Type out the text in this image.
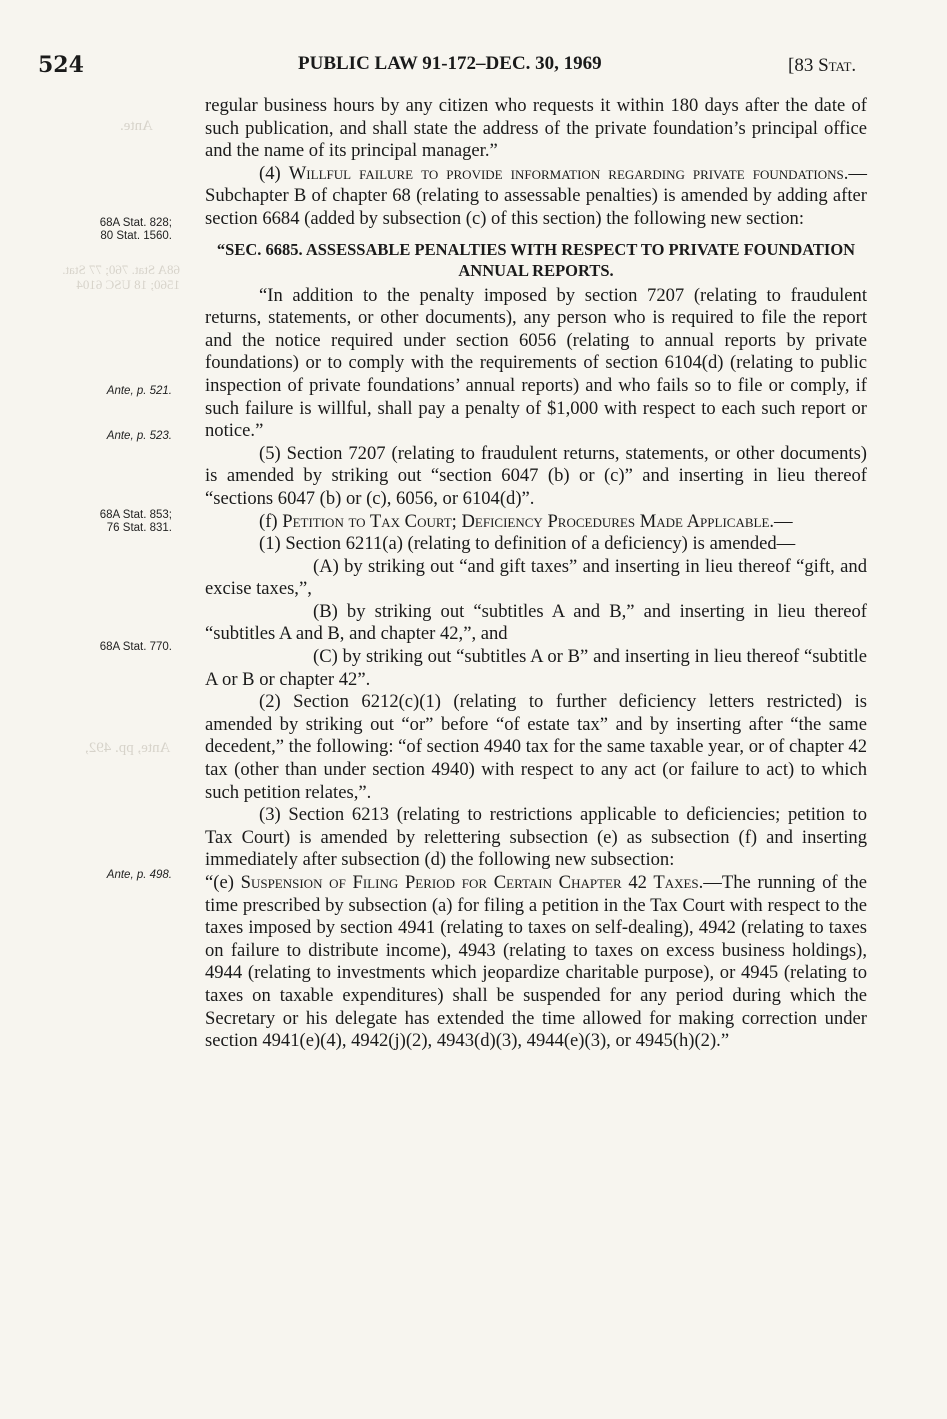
524	PUBLIC LAW 91-172–DEC. 30, 1969	[83 Stat.
Ante.
68A Stat. 760; 77 Stat. 1560; 18 USC 6104
Ante, pp. 492,
68A Stat. 828;
80 Stat. 1560.
Ante, p. 521.
Ante, p. 523.
68A Stat. 853;
76 Stat. 831.
68A Stat. 770.
Ante, p. 498.

regular business hours by any citizen who requests it within 180 days after the date of such publication, and shall state the address of the private foundation’s principal office and the name of its principal manager.”

(4) Willful failure to provide information regarding private foundations.—Subchapter B of chapter 68 (relating to assessable penalties) is amended by adding after section 6684 (added by subsection (c) of this section) the following new section:

“SEC. 6685. ASSESSABLE PENALTIES WITH RESPECT TO PRIVATE FOUNDATION ANNUAL REPORTS.

“In addition to the penalty imposed by section 7207 (relating to fraudulent returns, statements, or other documents), any person who is required to file the report and the notice required under section 6056 (relating to annual reports by private foundations) or to comply with the requirements of section 6104(d) (relating to public inspection of private foundations’ annual reports) and who fails so to file or comply, if such failure is willful, shall pay a penalty of $1,000 with respect to each such report or notice.”

(5) Section 7207 (relating to fraudulent returns, statements, or other documents) is amended by striking out “section 6047 (b) or (c)” and inserting in lieu thereof “sections 6047 (b) or (c), 6056, or 6104(d)”.

(f) Petition to Tax Court; Deficiency Procedures Made Applicable.—

(1) Section 6211(a) (relating to definition of a deficiency) is amended—

(A) by striking out “and gift taxes” and inserting in lieu thereof “gift, and excise taxes,”,

(B) by striking out “subtitles A and B,” and inserting in lieu thereof “subtitles A and B, and chapter 42,”, and

(C) by striking out “subtitles A or B” and inserting in lieu thereof “subtitle A or B or chapter 42”.

(2) Section 6212(c)(1) (relating to further deficiency letters restricted) is amended by striking out “or” before “of estate tax” and by inserting after “the same decedent,” the following: “of section 4940 tax for the same taxable year, or of chapter 42 tax (other than under section 4940) with respect to any act (or failure to act) to which such petition relates,”.

(3) Section 6213 (relating to restrictions applicable to deficiencies; petition to Tax Court) is amended by relettering subsection (e) as subsection (f) and inserting immediately after subsection (d) the following new subsection:

“(e) Suspension of Filing Period for Certain Chapter 42 Taxes.—The running of the time prescribed by subsection (a) for filing a petition in the Tax Court with respect to the taxes imposed by section 4941 (relating to taxes on self-dealing), 4942 (relating to taxes on failure to distribute income), 4943 (relating to taxes on excess business holdings), 4944 (relating to investments which jeopardize charitable purpose), or 4945 (relating to taxes on taxable expenditures) shall be suspended for any period during which the Secretary or his delegate has extended the time allowed for making correction under section 4941(e)(4), 4942(j)(2), 4943(d)(3), 4944(e)(3), or 4945(h)(2).”
